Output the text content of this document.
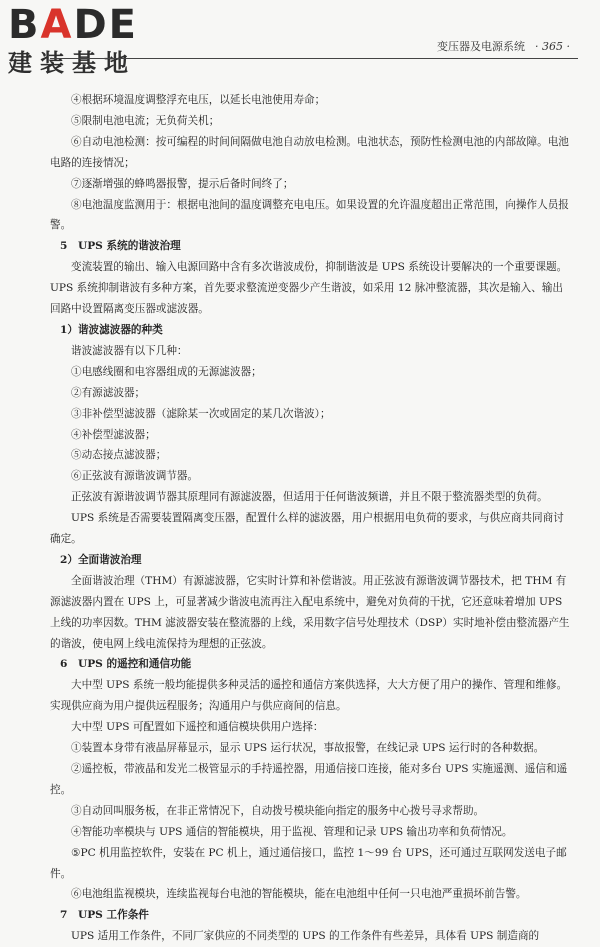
BADE
建装基地
变压器及电源系统 · 365 ·

④根据环境温度调整浮充电压，以延长电池使用寿命；

⑤限制电池电流；无负荷关机；

⑥自动电池检测：按可编程的时间间隔做电池自动放电检测。电池状态，预防性检测电池的内部故障。电池电路的连接情况；

⑦逐渐增强的蜂鸣器报警，提示后备时间终了；

⑧电池温度监测用于：根据电池间的温度调整充电电压。如果设置的允许温度超出正常范围，向操作人员报警。

5　UPS 系统的谐波治理

变流装置的输出、输入电源回路中含有多次谐波成份，抑制谐波是 UPS 系统设计要解决的一个重要课题。UPS 系统抑制谐波有多种方案，首先要求整流逆变器少产生谐波，如采用 12 脉冲整流器，其次是输入、输出回路中设置隔离变压器或滤波器。

1）谐波滤波器的种类

谐波滤波器有以下几种：

①电感线圈和电容器组成的无源滤波器；

②有源滤波器；

③非补偿型滤波器（滤除某一次或固定的某几次谐波）；

④补偿型滤波器；

⑤动态接点滤波器；

⑥正弦波有源谐波调节器。

正弦波有源谐波调节器其原理同有源滤波器，但适用于任何谐波频谱，并且不限于整流器类型的负荷。

UPS 系统是否需要装置隔离变压器，配置什么样的滤波器，用户根据用电负荷的要求，与供应商共同商讨确定。

2）全面谐波治理

全面谐波治理（THM）有源滤波器，它实时计算和补偿谐波。用正弦波有源谐波调节器技术，把 THM 有源滤波器内置在 UPS 上，可显著减少谐波电流再注入配电系统中，避免对负荷的干扰，它还意味着增加 UPS 上线的功率因数。THM 滤波器安装在整流器的上线，采用数字信号处理技术（DSP）实时地补偿由整流器产生的谐波，使电网上线电流保持为理想的正弦波。

6　UPS 的遥控和通信功能

大中型 UPS 系统一般均能提供多种灵活的遥控和通信方案供选择，大大方便了用户的操作、管理和维修。实现供应商为用户提供远程服务；沟通用户与供应商间的信息。

大中型 UPS 可配置如下遥控和通信模块供用户选择：

①装置本身带有液晶屏幕显示，显示 UPS 运行状况，事故报警，在线记录 UPS 运行时的各种数据。

②遥控板，带液晶和发光二极管显示的手持遥控器，用通信接口连接，能对多台 UPS 实施遥测、遥信和遥控。

③自动回叫服务板，在非正常情况下，自动拨号模块能向指定的服务中心拨号寻求帮助。

④智能功率模块与 UPS 通信的智能模块，用于监视、管理和记录 UPS 输出功率和负荷情况。

⑤PC 机用监控软件，安装在 PC 机上，通过通信接口，监控 1～99 台 UPS，还可通过互联网发送电子邮件。

⑥电池组监视模块，连续监视每台电池的智能模块，能在电池组中任何一只电池严重损坏前告警。

7　UPS 工作条件

UPS 适用工作条件，不同厂家供应的不同类型的 UPS 的工作条件有些差异，具体看 UPS 制造商的
